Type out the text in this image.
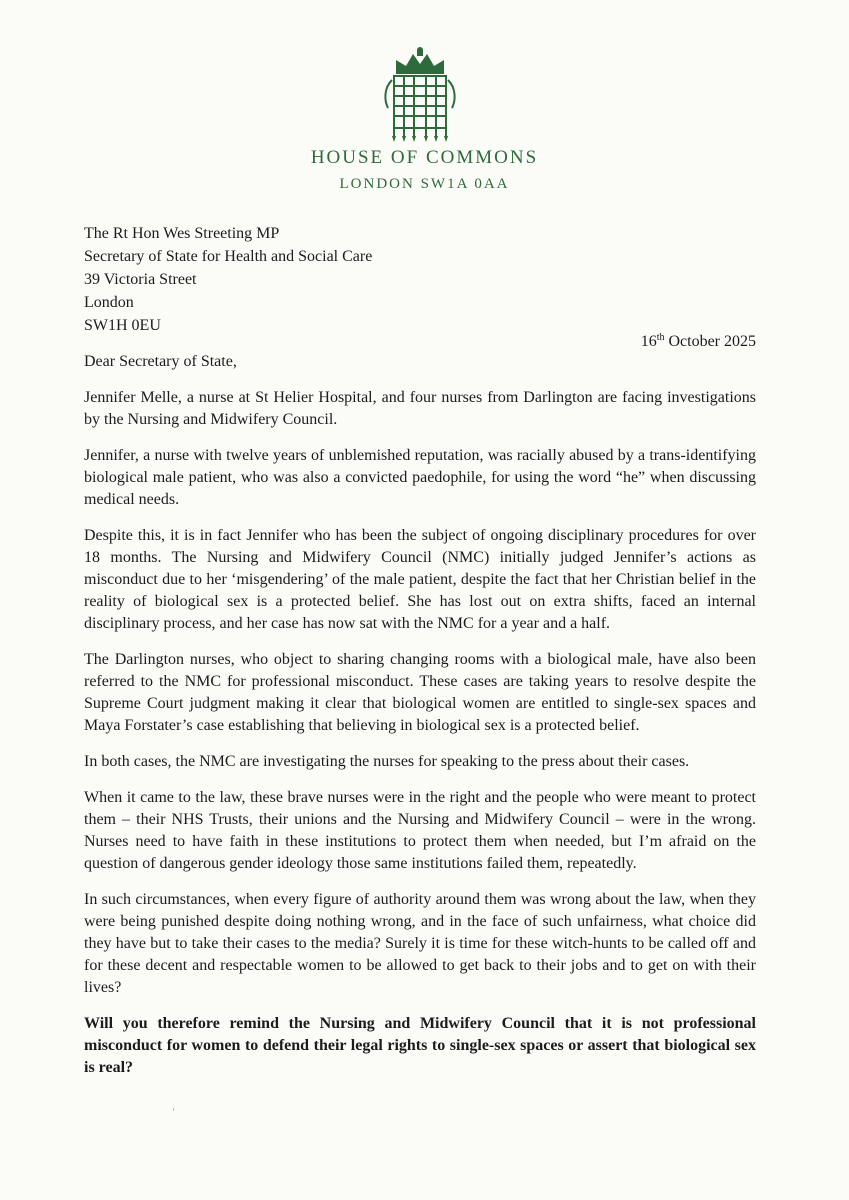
HOUSE OF COMMONS
LONDON SW1A 0AA
The Rt Hon Wes Streeting MP
Secretary of State for Health and Social Care
39 Victoria Street
London
SW1H 0EU
16th October 2025
Dear Secretary of State,

Jennifer Melle, a nurse at St Helier Hospital, and four nurses from Darlington are facing investigations by the Nursing and Midwifery Council.

Jennifer, a nurse with twelve years of unblemished reputation, was racially abused by a trans-identifying biological male patient, who was also a convicted paedophile, for using the word “he” when discussing medical needs.

Despite this, it is in fact Jennifer who has been the subject of ongoing disciplinary procedures for over 18 months. The Nursing and Midwifery Council (NMC) initially judged Jennifer’s actions as misconduct due to her ‘misgendering’ of the male patient, despite the fact that her Christian belief in the reality of biological sex is a protected belief. She has lost out on extra shifts, faced an internal disciplinary process, and her case has now sat with the NMC for a year and a half.

The Darlington nurses, who object to sharing changing rooms with a biological male, have also been referred to the NMC for professional misconduct. These cases are taking years to resolve despite the Supreme Court judgment making it clear that biological women are entitled to single-sex spaces and Maya Forstater’s case establishing that believing in biological sex is a protected belief.

In both cases, the NMC are investigating the nurses for speaking to the press about their cases.

When it came to the law, these brave nurses were in the right and the people who were meant to protect them – their NHS Trusts, their unions and the Nursing and Midwifery Council – were in the wrong. Nurses need to have faith in these institutions to protect them when needed, but I’m afraid on the question of dangerous gender ideology those same institutions failed them, repeatedly.

In such circumstances, when every figure of authority around them was wrong about the law, when they were being punished despite doing nothing wrong, and in the face of such unfairness, what choice did they have but to take their cases to the media? Surely it is time for these witch-hunts to be called off and for these decent and respectable women to be allowed to get back to their jobs and to get on with their lives?

Will you therefore remind the Nursing and Midwifery Council that it is not professional misconduct for women to defend their legal rights to single-sex spaces or assert that biological sex is real?
